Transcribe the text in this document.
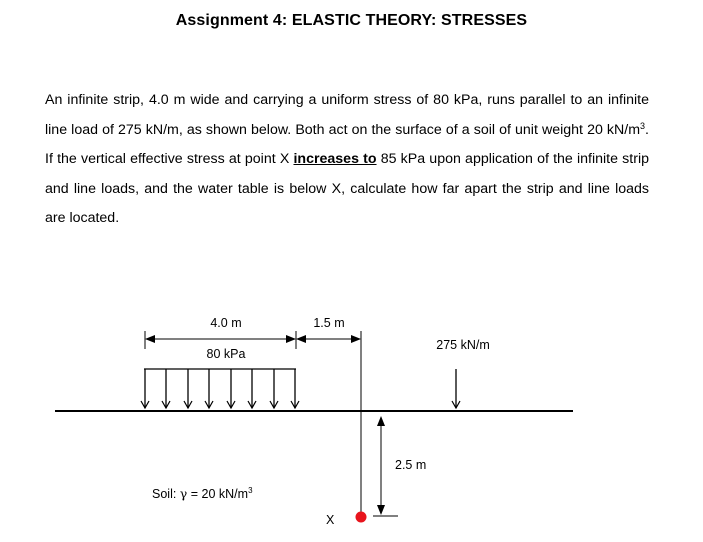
Assignment 4: ELASTIC THEORY: STRESSES
An infinite strip, 4.0 m wide and carrying a uniform stress of 80 kPa, runs parallel to an infinite line load of 275 kN/m, as shown below. Both act on the surface of a soil of unit weight 20 $kN/m^3$. If the vertical effective stress at point X increases to 85 kPa upon application of the infinite strip and line loads, and the water table is below X, calculate how far apart the strip and line loads are located.
4.0 m	1.5 m
80 kPa
275 kN/m
2.5 m
Soil: γ = 20 $kN/m^3$
X
